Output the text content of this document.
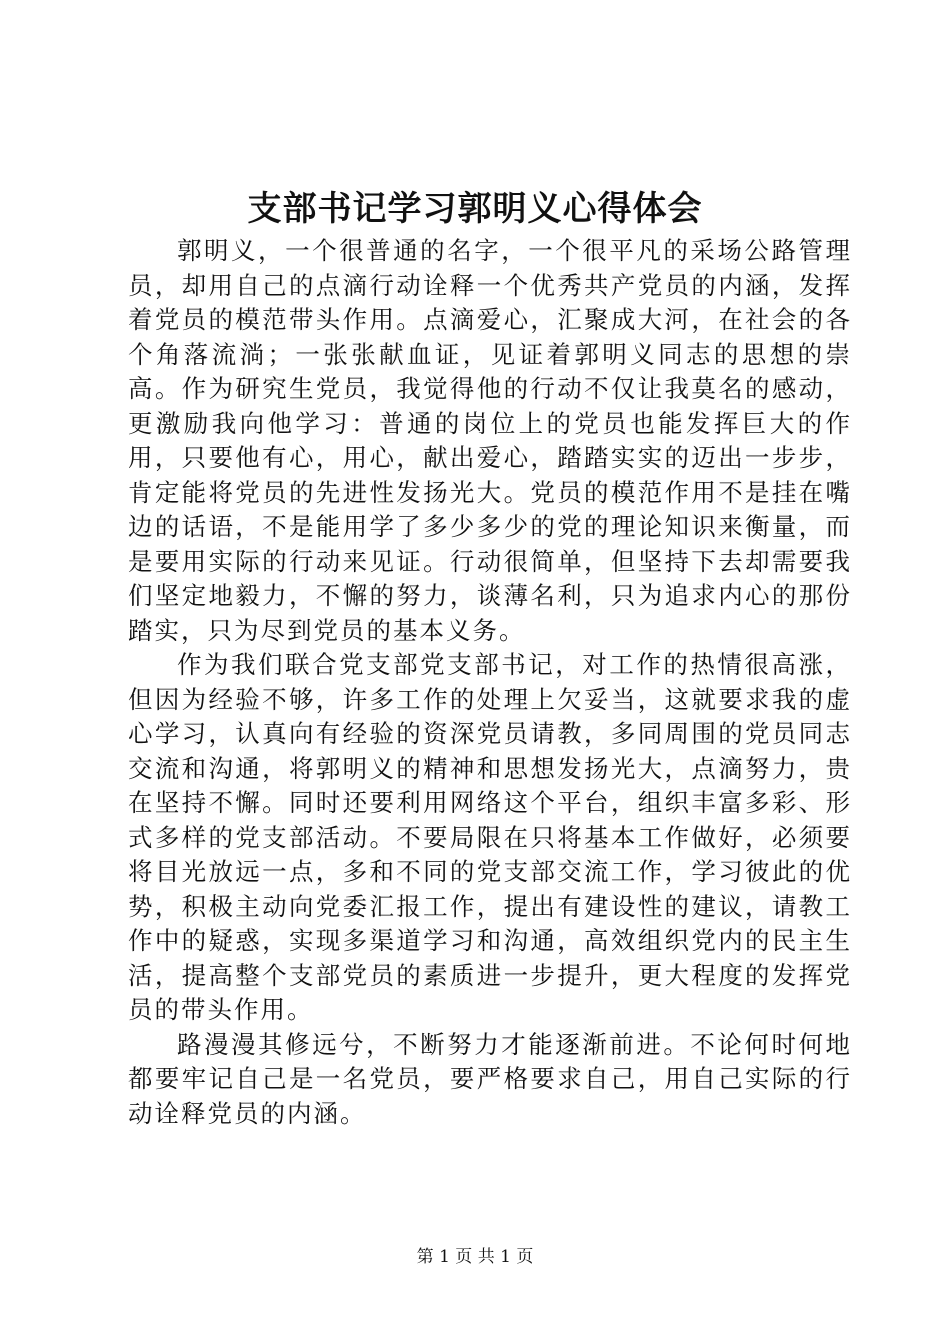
支部书记学习郭明义心得体会

郭明义，一个很普通的名字，一个很平凡的采场公路管理员，却用自己的点滴行动诠释一个优秀共产党员的内涵，发挥着党员的模范带头作用。点滴爱心，汇聚成大河，在社会的各个角落流淌；一张张献血证，见证着郭明义同志的思想的崇高。作为研究生党员，我觉得他的行动不仅让我莫名的感动，更激励我向他学习：普通的岗位上的党员也能发挥巨大的作用，只要他有心，用心，献出爱心，踏踏实实的迈出一步步，肯定能将党员的先进性发扬光大。党员的模范作用不是挂在嘴边的话语，不是能用学了多少多少的党的理论知识来衡量，而是要用实际的行动来见证。行动很简单，但坚持下去却需要我们坚定地毅力，不懈的努力，谈薄名利，只为追求内心的那份踏实，只为尽到党员的基本义务。

作为我们联合党支部党支部书记，对工作的热情很高涨，但因为经验不够，许多工作的处理上欠妥当，这就要求我的虚心学习，认真向有经验的资深党员请教，多同周围的党员同志交流和沟通，将郭明义的精神和思想发扬光大，点滴努力，贵在坚持不懈。同时还要利用网络这个平台，组织丰富多彩、形式多样的党支部活动。不要局限在只将基本工作做好，必须要将目光放远一点，多和不同的党支部交流工作，学习彼此的优势，积极主动向党委汇报工作，提出有建设性的建议，请教工作中的疑惑，实现多渠道学习和沟通，高效组织党内的民主生活，提高整个支部党员的素质进一步提升，更大程度的发挥党员的带头作用。

路漫漫其修远兮，不断努力才能逐渐前进。不论何时何地都要牢记自己是一名党员，要严格要求自己，用自己实际的行动诠释党员的内涵。

第 1 页 共 1 页
